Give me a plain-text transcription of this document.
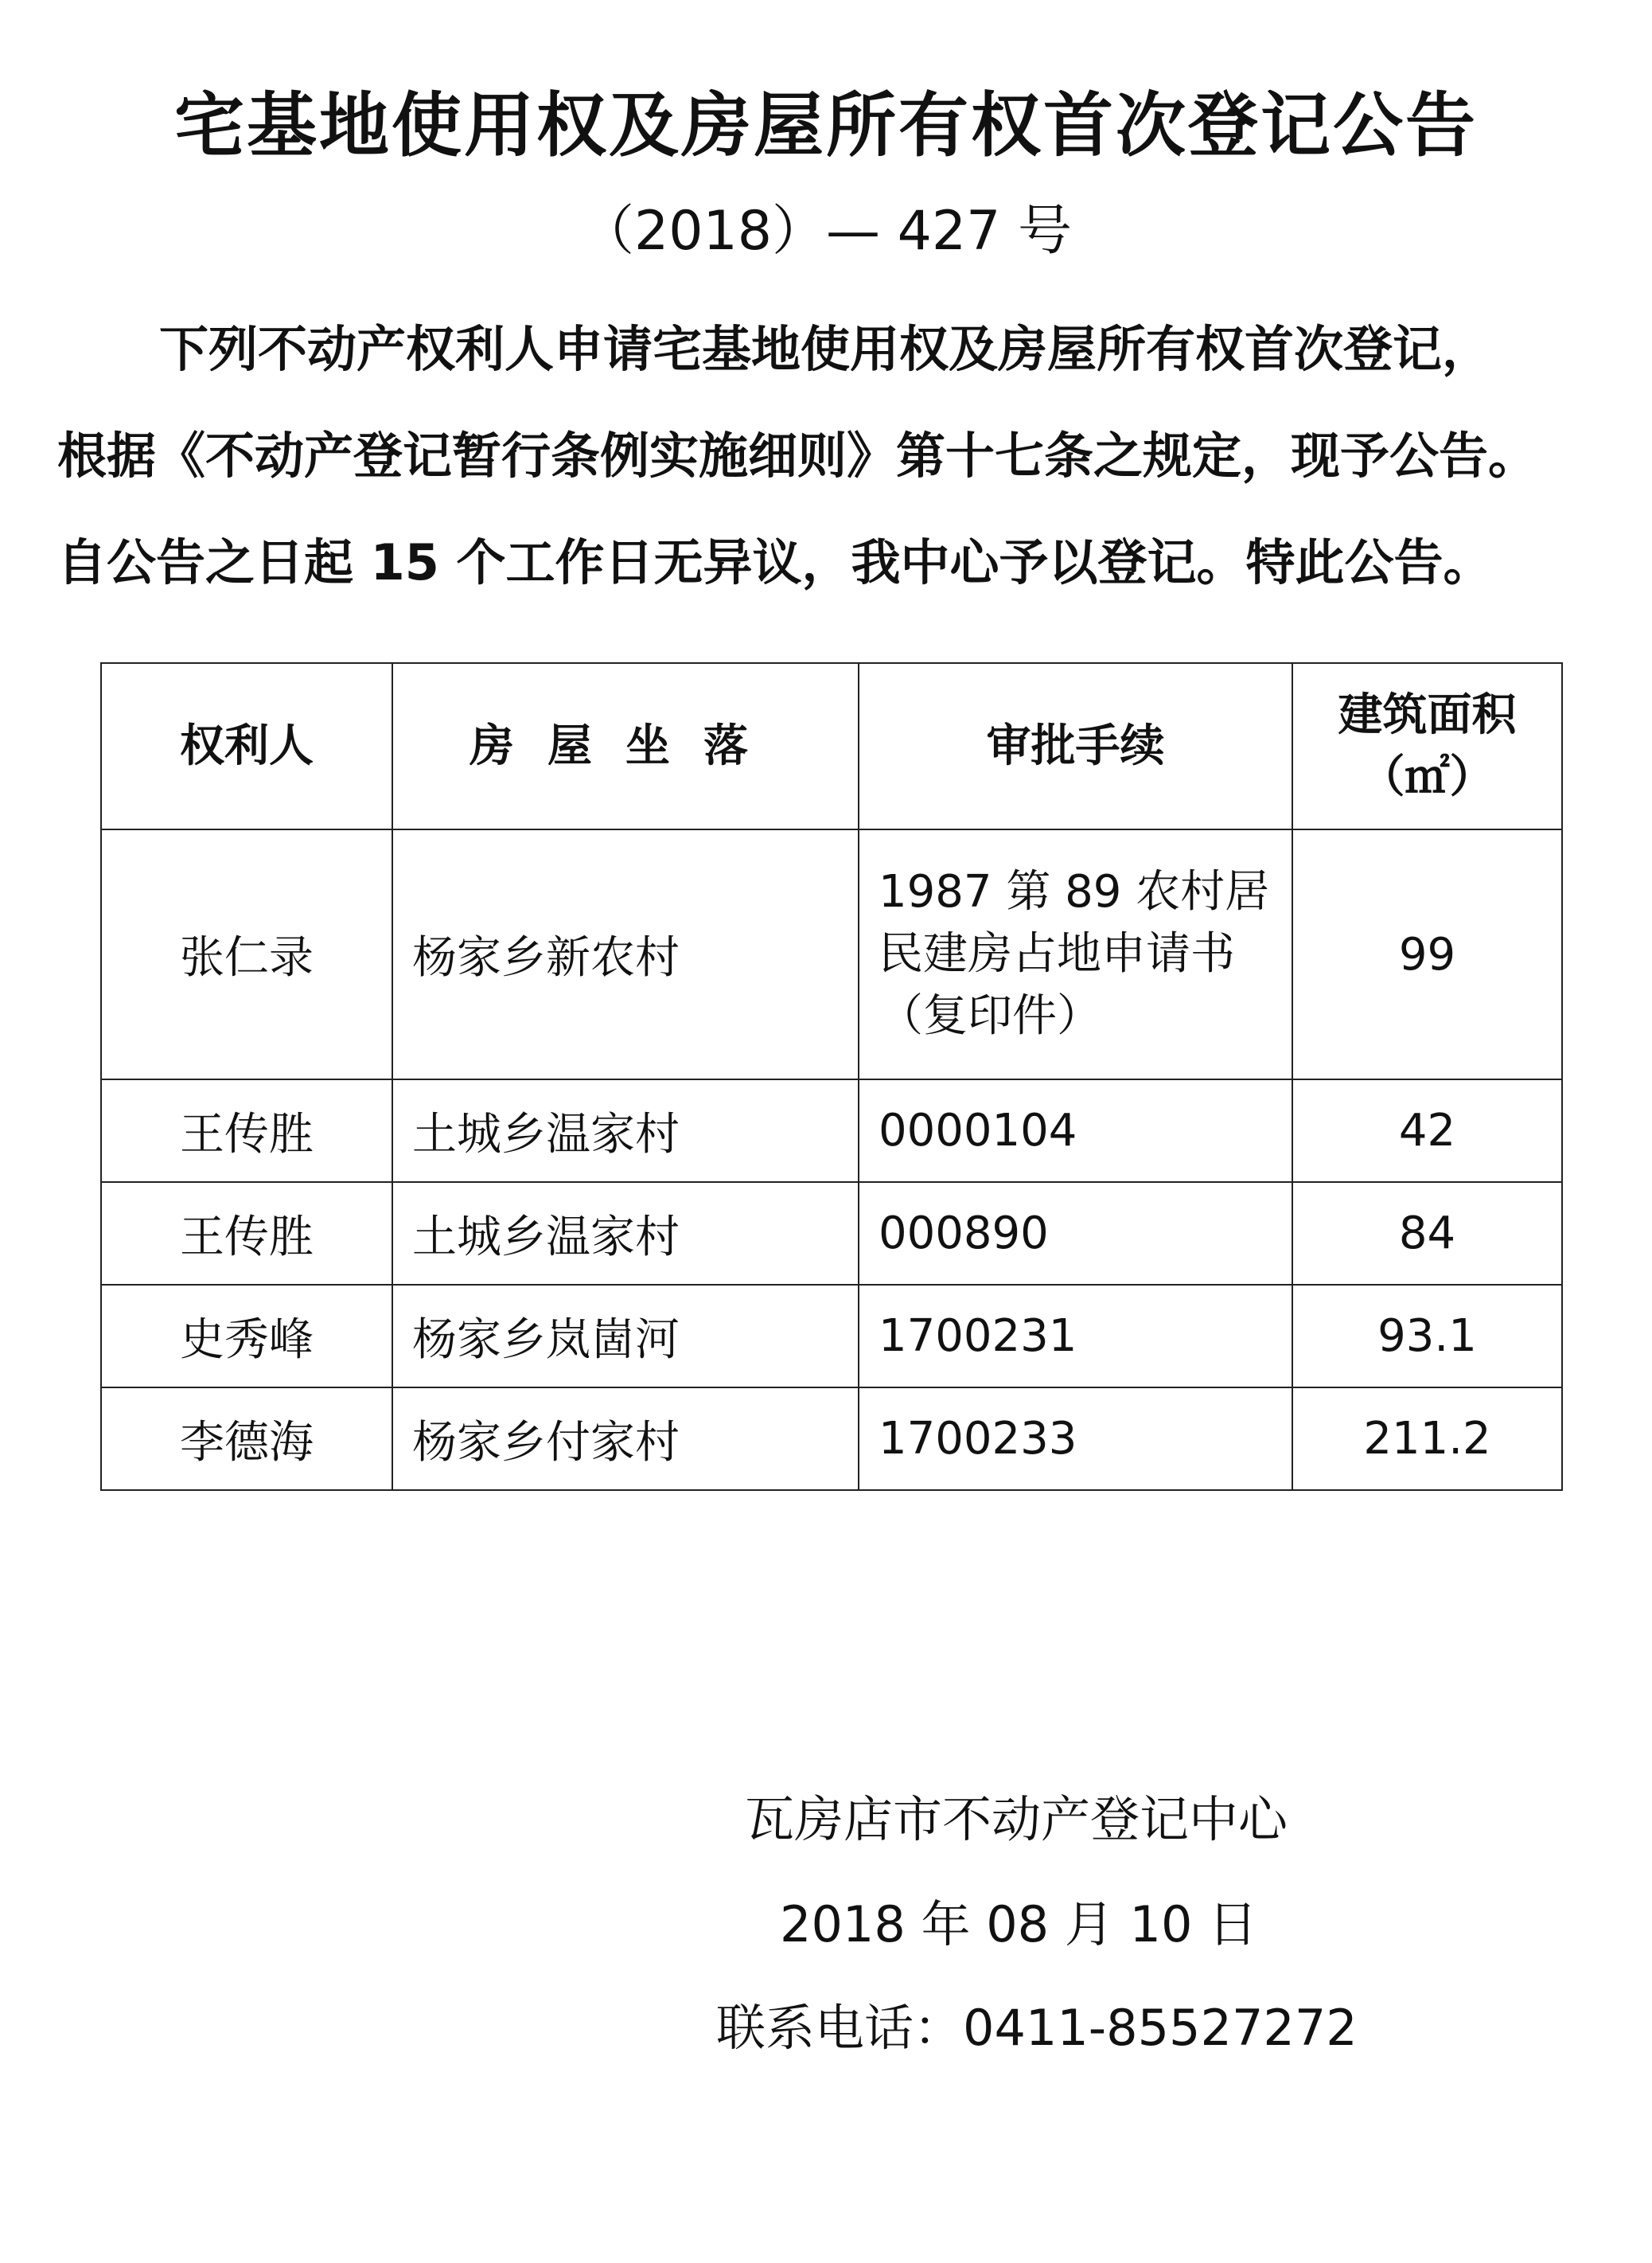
宅基地使用权及房屋所有权首次登记公告
（2018）— 427 号

下列不动产权利人申请宅基地使用权及房屋所有权首次登记，

根据《不动产登记暂行条例实施细则》第十七条之规定，现予公告。

自公告之日起 15 个工作日无异议，我中心予以登记。特此公告。

权利人	房屋坐落	审批手续	建筑面积
（㎡）

张仁录	杨家乡新农村	1987 第 89 农村居民建房占地申请书（复印件）	99
王传胜	土城乡温家村	0000104	42
王传胜	土城乡温家村	000890	84
史秀峰	杨家乡岚崮河	1700231	93.1
李德海	杨家乡付家村	1700233	211.2
瓦房店市不动产登记中心
2018 年 08 月 10 日
联系电话：0411-85527272
